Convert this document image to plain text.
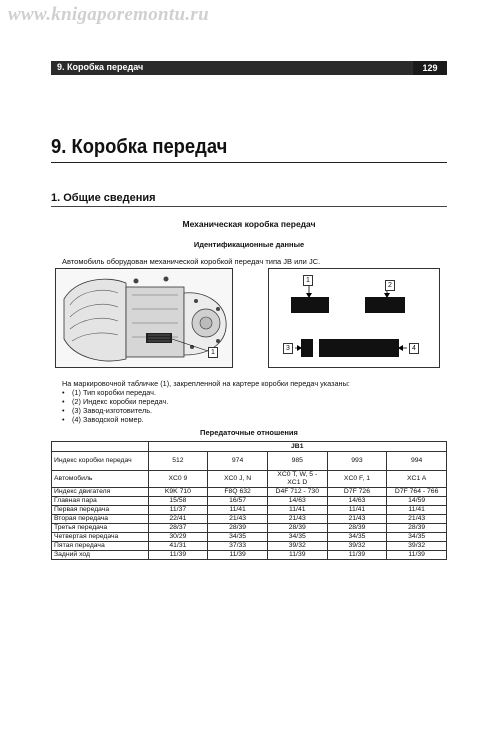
www.knigaporemontu.ru
9. Коробка передач	129
9. Коробка передач
1. Общие сведения
Механическая коробка передач
Идентификационные данные
Автомобиль оборудован механической коробкой передач типа JB или JC.
1
1
2
3	4
На маркировочной табличке (1), закрепленной на картере коробки передач указаны:
• (1) Тип коробки передач.
• (2) Индекс коробки передач.
• (3) Завод-изготовитель.
• (4) Заводской номер.
Передаточные отношения
	JB1				
Индекс коробки передач	512	974	985	993	994
Автомобиль	XC0 9	XC0 J, N	XC0 T, W, 5 - XC1 D	XC0 F, 1	XC1 A
Индекс двигателя	K9K 710	F8Q 632	D4F 712 - 730	D7F 726	D7F 764 - 766
Главная пара	15/58	16/57	14/63	14/63	14/59
Первая передача	11/37	11/41	11/41	11/41	11/41
Вторая передача	22/41	21/43	21/43	21/43	21/43
Третья передача	28/37	28/39	28/39	28/39	28/39
Четвертая передача	30/29	34/35	34/35	34/35	34/35
Пятая передача	41/31	37/33	39/32	39/32	39/32
Задний ход	11/39	11/39	11/39	11/39	11/39
